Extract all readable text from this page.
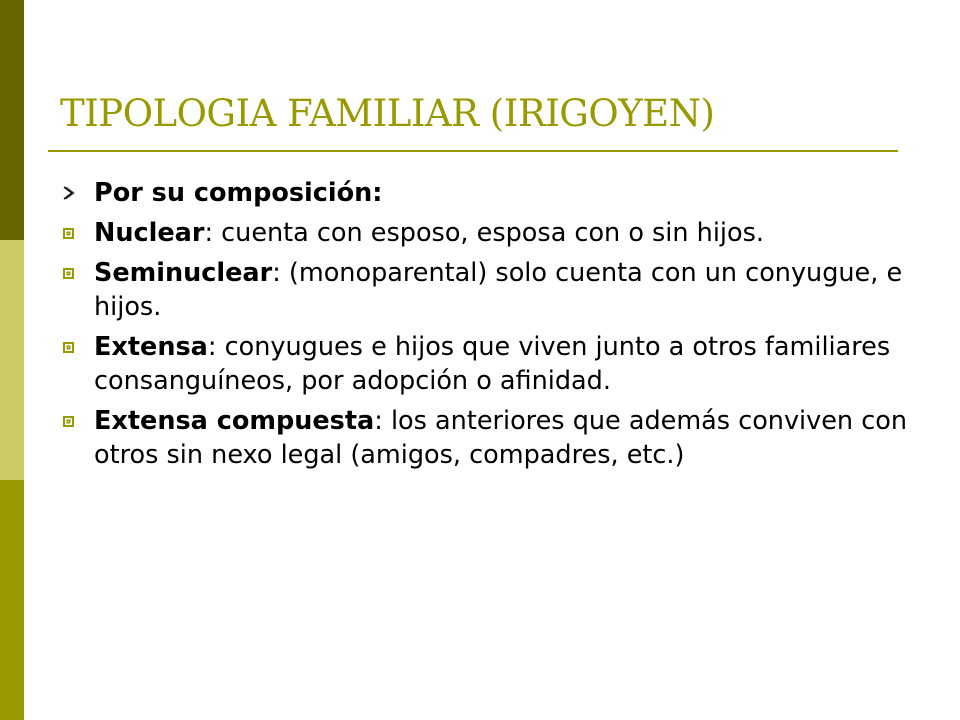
TIPOLOGIA FAMILIAR (IRIGOYEN)
Por su composición:
Nuclear: cuenta con esposo, esposa con o sin hijos.
Seminuclear: (monoparental) solo cuenta con un conyugue, e hijos.
Extensa: conyugues e hijos que viven junto a otros familiares consanguíneos, por adopción o afinidad.
Extensa compuesta: los anteriores que además conviven con otros sin nexo legal (amigos, compadres, etc.)
